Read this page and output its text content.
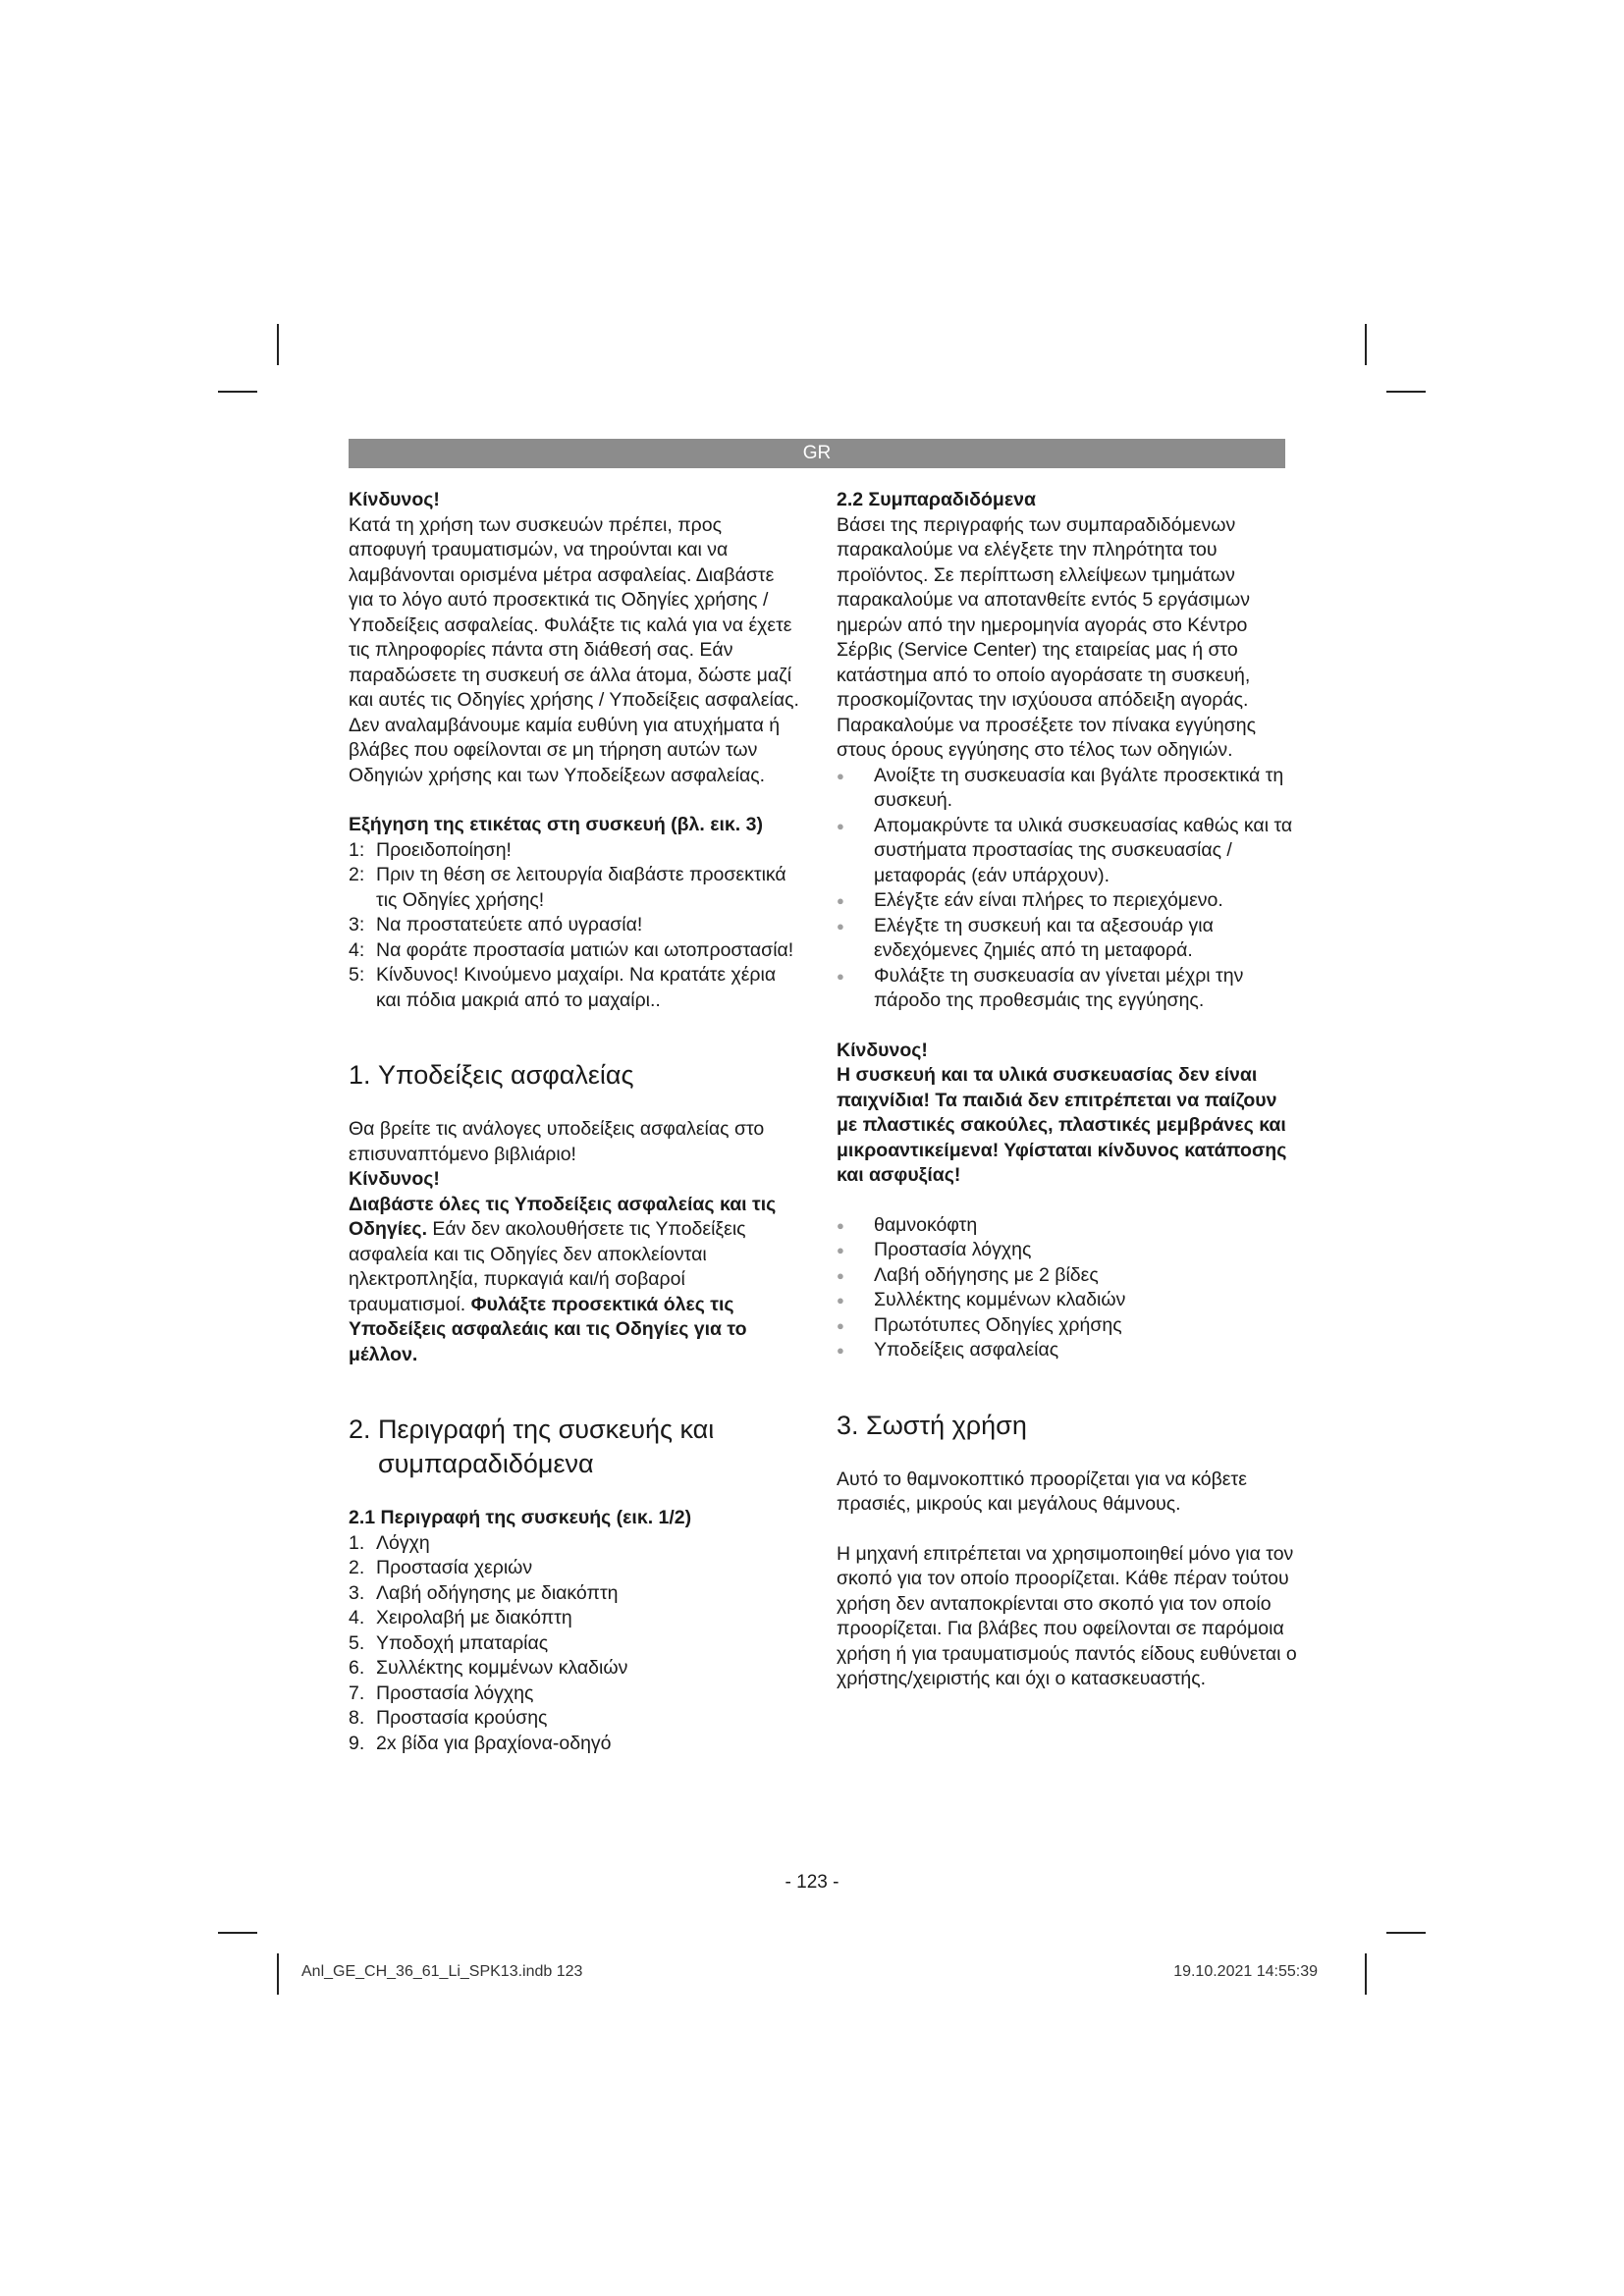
GR

Κίνδυνος!

Κατά τη χρήση των συσκευών πρέπει, προς αποφυγή τραυματισμών, να τηρούνται και να λαμβάνονται ορισμένα μέτρα ασφαλείας. Διαβάστε για το λόγο αυτό προσεκτικά τις Οδηγίες χρήσης / Υποδείξεις ασφαλείας. Φυλάξτε τις καλά για να έχετε τις πληροφορίες πάντα στη διάθεσή σας. Εάν παραδώσετε τη συσκευή σε άλλα άτομα, δώστε μαζί και αυτές τις Οδηγίες χρήσης / Υποδείξεις ασφαλείας. Δεν αναλαμβάνουμε καμία ευθύνη για ατυχήματα ή βλάβες που οφείλονται σε μη τήρηση αυτών των Οδηγιών χρήσης και των Υποδείξεων ασφαλείας.

Εξήγηση της ετικέτας στη συσκευή (βλ. εικ. 3)

1: Προειδοποίηση!
2: Πριν τη θέση σε λειτουργία διαβάστε προσεκτικά τις Οδηγίες χρήσης!
3: Να προστατεύετε από υγρασία!
4: Να φοράτε προστασία ματιών και ωτοπροστασία!
5: Κίνδυνος! Κινούμενο μαχαίρι. Να κρατάτε χέρια και πόδια μακριά από το μαχαίρι..
1. Υποδείξεις ασφαλείας

Θα βρείτε τις ανάλογες υποδείξεις ασφαλείας στο επισυναπτόμενο βιβλιάριο!

Κίνδυνος!

Διαβάστε όλες τις Υποδείξεις ασφαλείας και τις Οδηγίες. Εάν δεν ακολουθήσετε τις Υποδείξεις ασφαλεία και τις Οδηγίες δεν αποκλείονται ηλεκτροπληξία, πυρκαγιά και/ή σοβαροί τραυματισμοί. Φυλάξτε προσεκτικά όλες τις Υποδείξεις ασφαλεάις και τις Οδηγίες για το μέλλον.

2. Περιγραφή της συσκευής και
συμπαραδιδόμενα

2.1 Περιγραφή της συσκευής (εικ. 1/2)

1. Λόγχη
2. Προστασία χεριών
3. Λαβή οδήγησης με διακόπτη
4. Χειρολαβή με διακόπτη
5. Υποδοχή μπαταρίας
6. Συλλέκτης κομμένων κλαδιών
7. Προστασία λόγχης
8. Προστασία κρούσης
9. 2x βίδα για βραχίονα-οδηγό

2.2 Συμπαραδιδόμενα

Βάσει της περιγραφής των συμπαραδιδόμενων παρακαλούμε να ελέγξετε την πληρότητα του προϊόντος. Σε περίπτωση ελλείψεων τμημάτων παρακαλούμε να αποτανθείτε εντός 5 εργάσιμων ημερών από την ημερομηνία αγοράς στο Κέντρο Σέρβις (Service Center) της εταιρείας μας ή στο κατάστημα από το οποίο αγοράσατε τη συσκευή, προσκομίζοντας την ισχύουσα απόδειξη αγοράς. Παρακαλούμε να προσέξετε τον πίνακα εγγύησης στους όρους εγγύησης στο τέλος των οδηγιών.

● Ανοίξτε τη συσκευασία και βγάλτε προσεκτικά τη συσκευή.
● Απομακρύντε τα υλικά συσκευασίας καθώς και τα συστήματα προστασίας της συσκευασίας / μεταφοράς (εάν υπάρχουν).
● Ελέγξτε εάν είναι πλήρες το περιεχόμενο.
● Ελέγξτε τη συσκευή και τα αξεσουάρ για ενδεχόμενες ζημιές από τη μεταφορά.
● Φυλάξτε τη συσκευασία αν γίνεται μέχρι την πάροδο της προθεσμάις της εγγύησης.

Κίνδυνος!

Η συσκευή και τα υλικά συσκευασίας δεν είναι παιχνίδια! Τα παιδιά δεν επιτρέπεται να παίζουν με πλαστικές σακούλες, πλαστικές μεμβράνες και μικροαντικείμενα! Υφίσταται κίνδυνος κατάποσης και ασφυξίας!

● θαμνοκόφτη
● Προστασία λόγχης
● Λαβή οδήγησης με 2 βίδες
● Συλλέκτης κομμένων κλαδιών
● Πρωτότυπες Οδηγίες χρήσης
● Υποδείξεις ασφαλείας
3. Σωστή χρήση

Αυτό το θαμνοκοπτικό προορίζεται για να κόβετε πρασιές, μικρούς και μεγάλους θάμνους.

Η μηχανή επιτρέπεται να χρησιμοποιηθεί μόνο για τον σκοπό για τον οποίο προορίζεται. Κάθε πέραν τούτου χρήση δεν ανταποκρίενται στο σκοπό για τον οποίο προορίζεται. Για βλάβες που οφείλονται σε παρόμοια χρήση ή για τραυματισμούς παντός είδους ευθύνεται ο χρήστης/χειριστής και όχι ο κατασκευαστής.

- 123 -
Anl_GE_CH_36_61_Li_SPK13.indb 123	19.10.2021 14:55:39
